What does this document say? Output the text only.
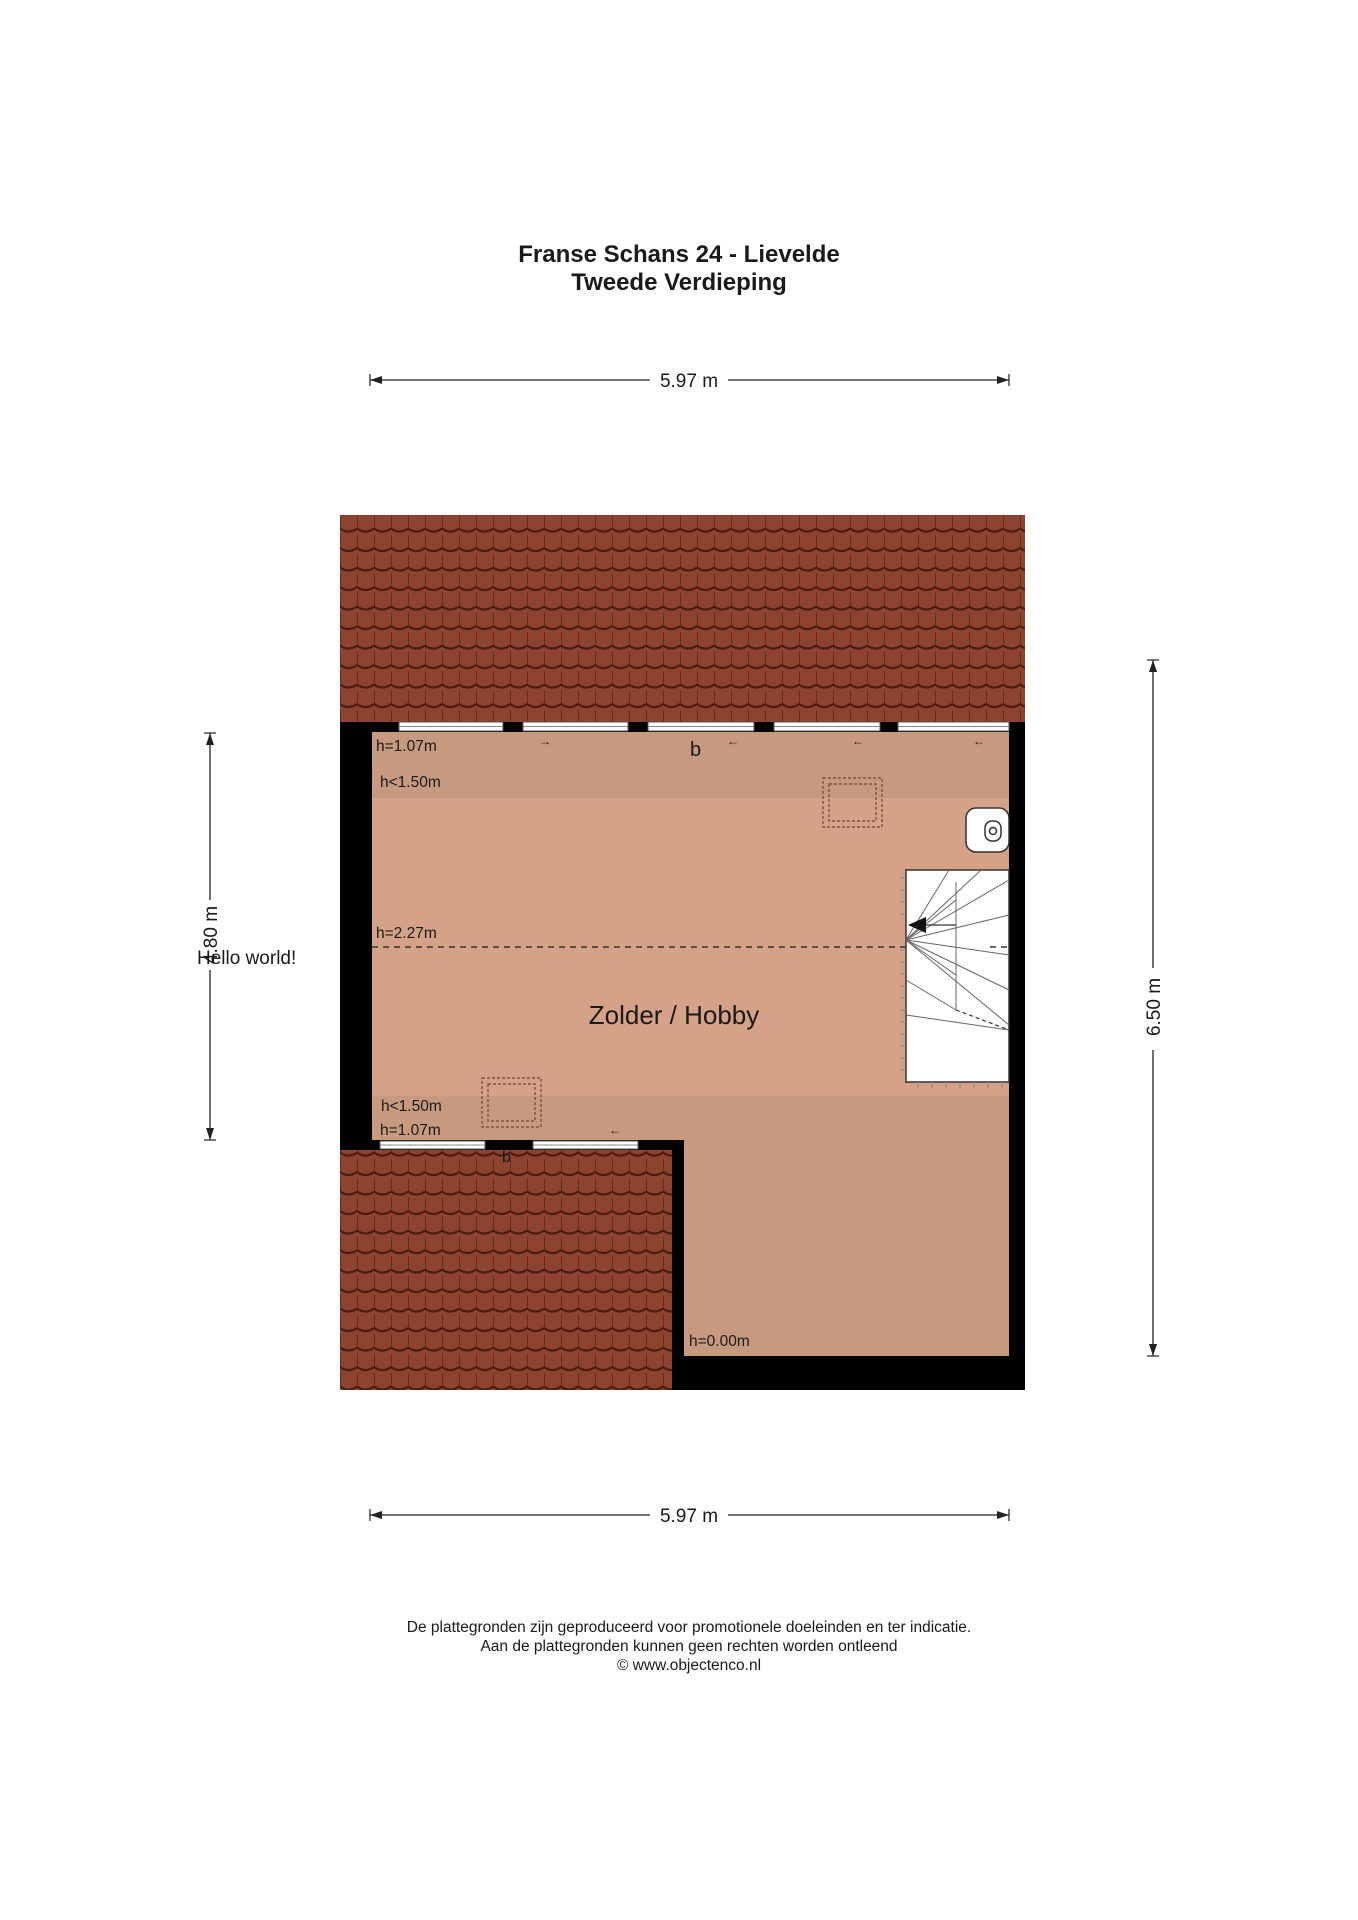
Franse Schans 24 - Lievelde
Tweede Verdieping
→	←	←	←
←
h=1.07m
h<1.50m
h=2.27m
h<1.50m
h=1.07m
h=0.00m
b
b
Zolder / Hobby
5.97 m
5.97 m
6.50 m
4.80 m
Hello world!
De plattegronden zijn geproduceerd voor promotionele doeleinden en ter indicatie.
Aan de plattegronden kunnen geen rechten worden ontleend
© www.objectenco.nl
